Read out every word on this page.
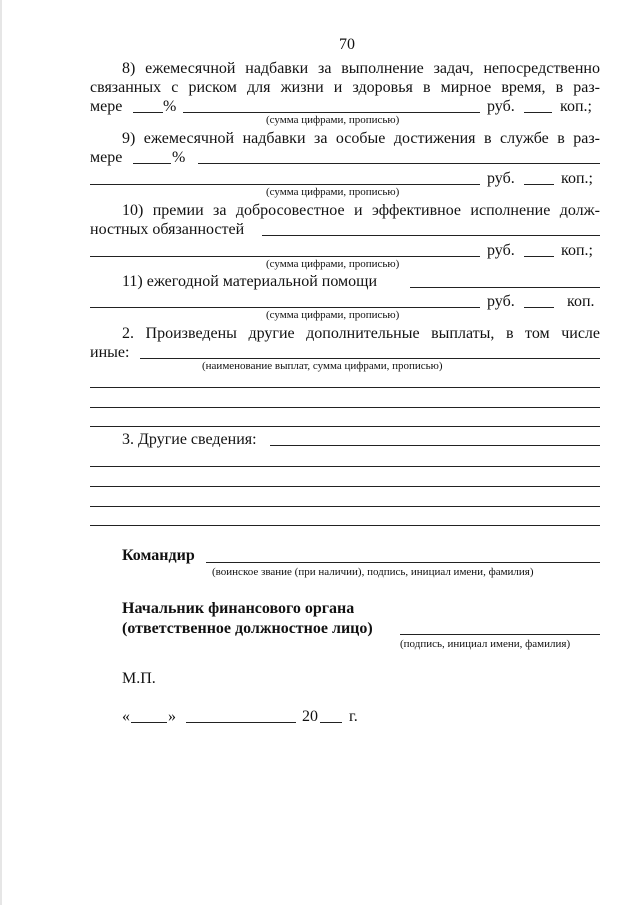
70
8) ежемесячной надбавки за выполнение задач, непосредственно
связанных с риском для жизни и здоровья в мирное время, в раз-
мере	%	руб.	коп.;
(сумма цифрами, прописью)
9) ежемесячной надбавки за особые достижения в службе в раз-
мере	%
руб.	коп.;
(сумма цифрами, прописью)
10) премии за добросовестное и эффективное исполнение долж-
ностных обязанностей
руб.	коп.;
(сумма цифрами, прописью)
11) ежегодной материальной помощи
руб.	коп.
(сумма цифрами, прописью)
2. Произведены другие дополнительные выплаты, в том числе
иные:
(наименование выплат, сумма цифрами, прописью)
3. Другие сведения:
Командир
(воинское звание (при наличии), подпись, инициал имени, фамилия)
Начальник финансового органа
(ответственное должностное лицо)
(подпись, инициал имени, фамилия)
М.П.
« »	20 г.
